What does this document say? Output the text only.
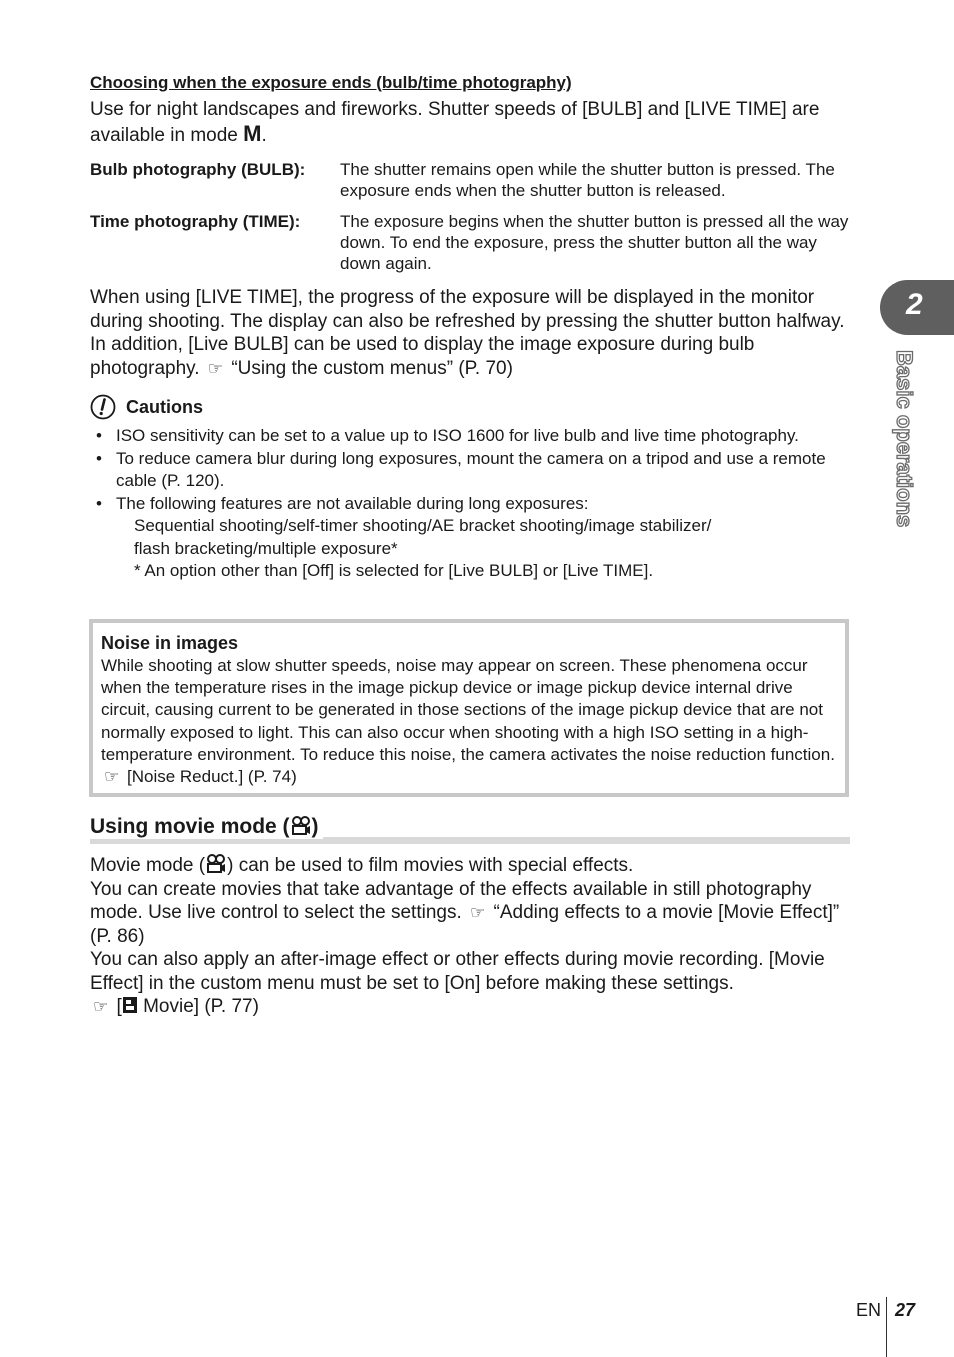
Choosing when the exposure ends (bulb/time photography)
Use for night landscapes and fireworks. Shutter speeds of [BULB] and [LIVE TIME] are available in mode M.
Bulb photography (BULB):	The shutter remains open while the shutter button is pressed. The exposure ends when the shutter button is released.
Time photography (TIME):	The exposure begins when the shutter button is pressed all the way down. To end the exposure, press the shutter button all the way down again.
When using [LIVE TIME], the progress of the exposure will be displayed in the monitor during shooting. The display can also be refreshed by pressing the shutter button halfway. In addition, [Live BULB] can be used to display the image exposure during bulb photography. ☞ “Using the custom menus” (P. 70)
Cautions
• ISO sensitivity can be set to a value up to ISO 1600 for live bulb and live time photography.
• To reduce camera blur during long exposures, mount the camera on a tripod and use a remote cable (P. 120).
• The following features are not available during long exposures:
Sequential shooting/self-timer shooting/AE bracket shooting/image stabilizer/
flash bracketing/multiple exposure*
* An option other than [Off] is selected for [Live BULB] or [Live TIME].
Noise in images
While shooting at slow shutter speeds, noise may appear on screen. These phenomena occur when the temperature rises in the image pickup device or image pickup device internal drive circuit, causing current to be generated in those sections of the image pickup device that are not normally exposed to light. This can also occur when shooting with a high ISO setting in a high-temperature environment. To reduce this noise, the camera activates the noise reduction function. ☞ [Noise Reduct.] (P. 74)
Using movie mode ( )
Movie mode ( ) can be used to film movies with special effects.
You can create movies that take advantage of the effects available in still photography mode. Use live control to select the settings. ☞ “Adding effects to a movie [Movie Effect]” (P. 86)
You can also apply an after-image effect or other effects during movie recording. [Movie Effect] in the custom menu must be set to [On] before making these settings.
☞ [ Movie] (P. 77)
2
Basic operations
EN 27
